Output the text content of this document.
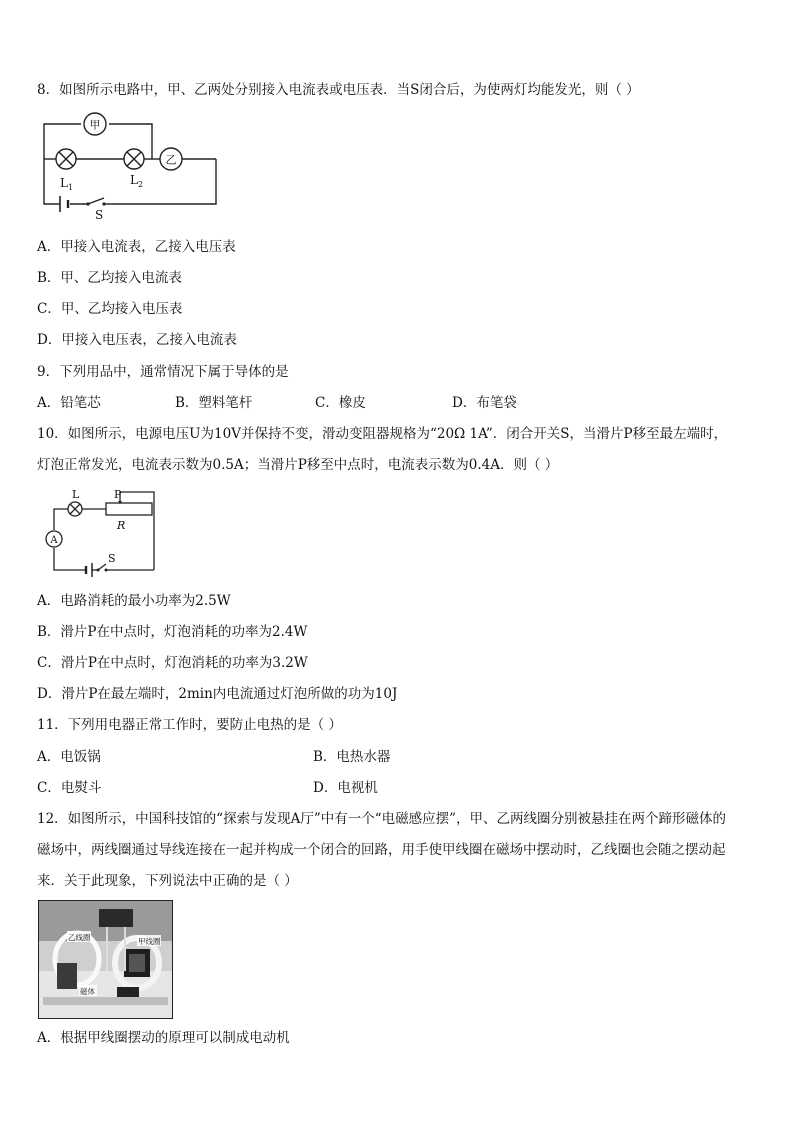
8．如图所示电路中，甲、乙两处分别接入电流表或电压表．当S闭合后，为使两灯均能发光，则（ ）
甲
乙
$L_1$
$L_2$
S
A．甲接入电流表，乙接入电压表
B．甲、乙均接入电流表
C．甲、乙均接入电压表
D．甲接入电压表，乙接入电流表
9．下列用品中，通常情况下属于导体的是
A．铅笔芯	B．塑料笔杆	C．橡皮	D．布笔袋
10．如图所示，电源电压U为10V并保持不变，滑动变阻器规格为“20Ω 1A”．闭合开关S，当滑片P移至最左端时，
灯泡正常发光，电流表示数为0.5A；当滑片P移至中点时，电流表示数为0.4A．则（ ）
L	P
R
A
S
A．电路消耗的最小功率为2.5W
B．滑片P在中点时，灯泡消耗的功率为2.4W
C．滑片P在中点时，灯泡消耗的功率为3.2W
D．滑片P在最左端时，2min内电流通过灯泡所做的功为10J
11．下列用电器正常工作时，要防止电热的是（ ）
A．电饭锅	B．电热水器
C．电熨斗	D．电视机
12．如图所示，中国科技馆的“探索与发现A厅”中有一个“电磁感应摆”，甲、乙两线圈分别被悬挂在两个蹄形磁体的
磁场中，两线圈通过导线连接在一起并构成一个闭合的回路，用手使甲线圈在磁场中摆动时，乙线圈也会随之摆动起
来．关于此现象，下列说法中正确的是（ ）
乙线圈	甲线圈
磁体
A．根据甲线圈摆动的原理可以制成电动机
